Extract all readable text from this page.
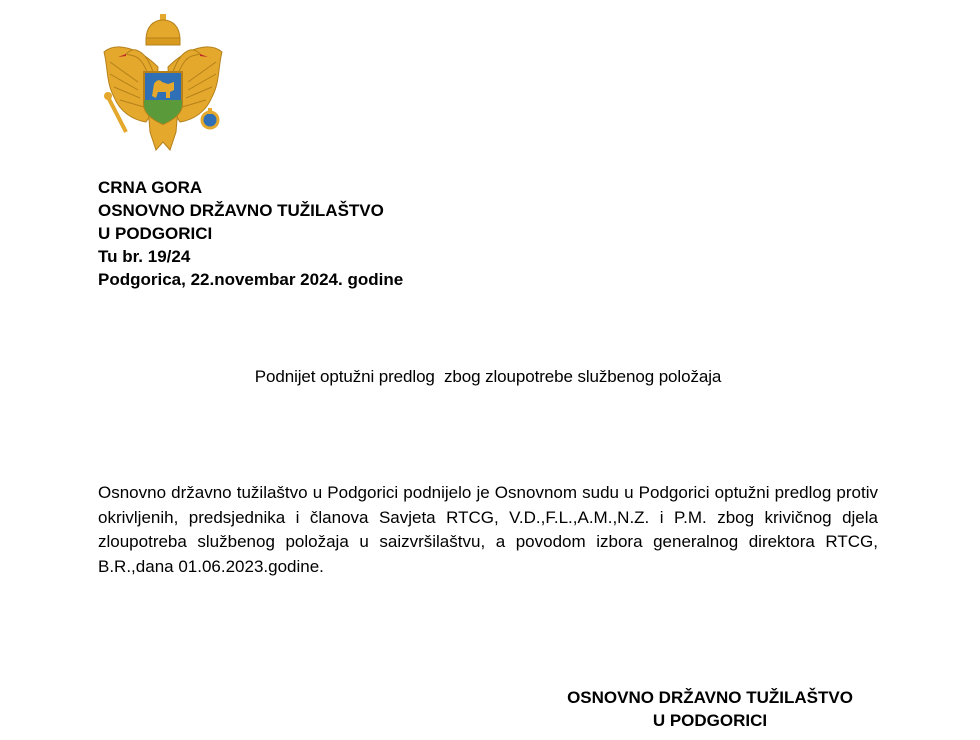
CRNA GORA
OSNOVNO DRŽAVNO TUŽILAŠTVO
U PODGORICI
Tu br. 19/24
Podgorica, 22.novembar 2024. godine
Podnijet optužni predlog  zbog zloupotrebe službenog položaja
Osnovno državno tužilaštvo u Podgorici podnijelo je Osnovnom sudu u Podgorici optužni predlog protiv okrivljenih, predsjednika i članova Savjeta RTCG, V.D.,F.L.,A.M.,N.Z. i P.M. zbog krivičnog djela zloupotreba službenog položaja u saizvršilaštvu, a povodom izbora generalnog direktora RTCG, B.R.,dana 01.06.2023.godine.
OSNOVNO DRŽAVNO TUŽILAŠTVO
U PODGORICI
